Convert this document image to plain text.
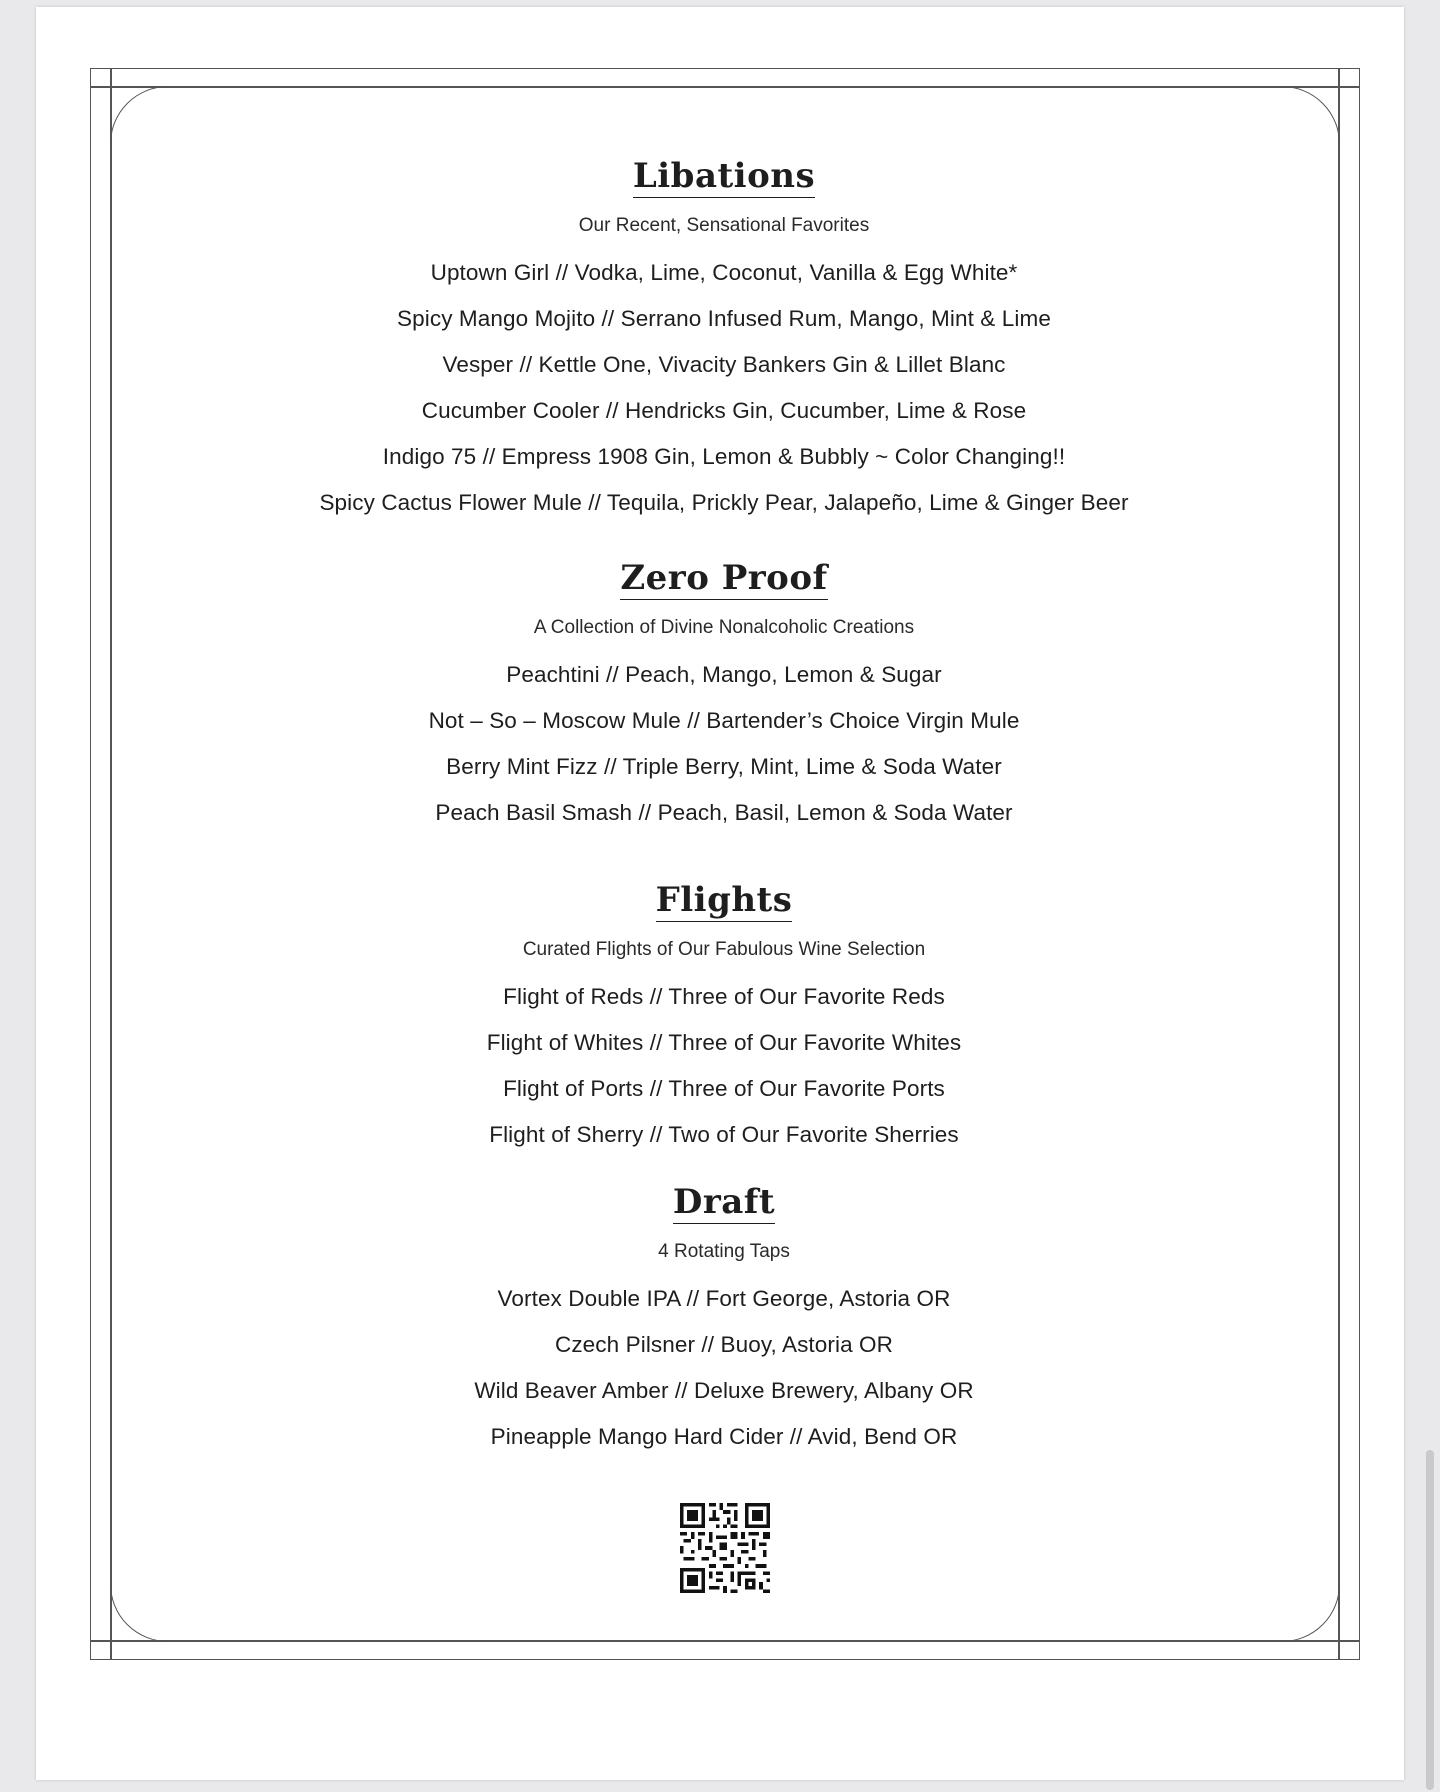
Libations
Our Recent, Sensational Favorites
Uptown Girl // Vodka, Lime, Coconut, Vanilla & Egg White*
Spicy Mango Mojito // Serrano Infused Rum, Mango, Mint & Lime
Vesper // Kettle One, Vivacity Bankers Gin & Lillet Blanc
Cucumber Cooler // Hendricks Gin, Cucumber, Lime & Rose
Indigo 75 // Empress 1908 Gin, Lemon & Bubbly ~ Color Changing!!
Spicy Cactus Flower Mule // Tequila, Prickly Pear, Jalapeño, Lime & Ginger Beer
Zero Proof
A Collection of Divine Nonalcoholic Creations
Peachtini // Peach, Mango, Lemon & Sugar
Not – So – Moscow Mule // Bartender’s Choice Virgin Mule
Berry Mint Fizz // Triple Berry, Mint, Lime & Soda Water
Peach Basil Smash // Peach, Basil, Lemon & Soda Water
Flights
Curated Flights of Our Fabulous Wine Selection
Flight of Reds // Three of Our Favorite Reds
Flight of Whites // Three of Our Favorite Whites
Flight of Ports // Three of Our Favorite Ports
Flight of Sherry // Two of Our Favorite Sherries
Draft
4 Rotating Taps
Vortex Double IPA // Fort George, Astoria OR
Czech Pilsner // Buoy, Astoria OR
Wild Beaver Amber // Deluxe Brewery, Albany OR
Pineapple Mango Hard Cider // Avid, Bend OR
